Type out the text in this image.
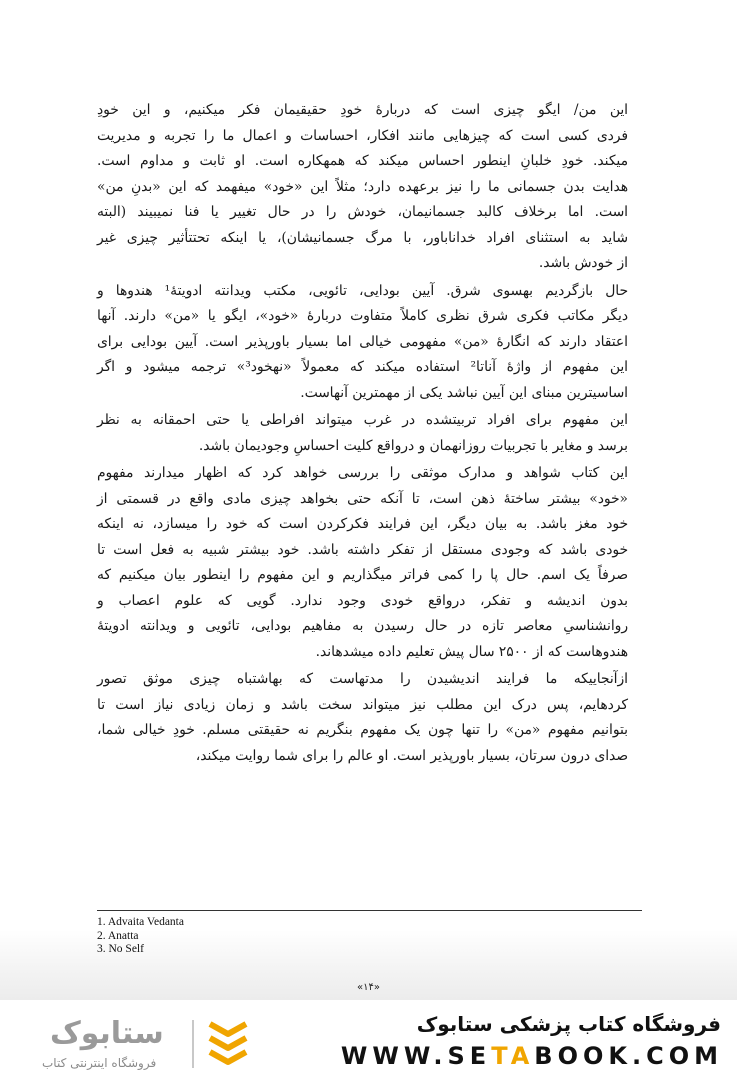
این من/ ایگو چیزی است که دربارۀ خودِ حقیقیمان فکر میکنیم، و این خودِ
فردی کسی است که چیزهایی مانند افکار، احساسات و اعمال ما را تجربه و مدیریت
میکند. خودِ خلبانِ اینطور احساس میکند که همهکاره است. او ثابت و مداوم است.
هدایت بدن جسمانی ما را نیز برعهده دارد؛ مثلاً این «خود» میفهمد که این «بدنِ من»
است. اما برخلاف کالبد جسمانیمان، خودش را در حال تغییر یا فنا نمیبیند (البته
شاید به استثنای افراد خداناباور، با مرگ جسمانیشان)، یا اینکه تحتتأثیر چیزی غیر
از خودش باشد.
حال بازگردیم بهسوی شرق. آیین بودایی، تائویی، مکتب ویدانته ادویتۀ¹ هندوها و
دیگر مکاتب فکری شرق نظری کاملاً متفاوت دربارۀ «خود»، ایگو یا «من» دارند. آنها
اعتقاد دارند که انگارۀ «من» مفهومی خیالی اما بسیار باورپذیر است. آیین بودایی برای
این مفهوم از واژۀ آناتا² استفاده میکند که معمولاً «نهخود³» ترجمه میشود و اگر
اساسیترین مبنای این آیین نباشد یکی از مهمترین آنهاست.
این مفهوم برای افراد تربیتشده در غرب میتواند افراطی یا حتی احمقانه به نظر
برسد و مغایر با تجربیات روزانهمان و درواقع کلیت احساسِ وجودیمان باشد.
این کتاب شواهد و مدارک موثقی را بررسی خواهد کرد که اظهار میدارند مفهوم
«خود» بیشتر ساختۀ ذهن است، تا آنکه حتی بخواهد چیزی مادی واقع در قسمتی از
خود مغز باشد. به بیان دیگر، این فرایند فکرکردن است که خود را میسازد، نه اینکه
خودی باشد که وجودی مستقل از تفکر داشته باشد. خود بیشتر شبیه به فعل است تا
صرفاً یک اسم. حال پا را کمی فراتر میگذاریم و این مفهوم را اینطور بیان میکنیم که
بدون اندیشه و تفکر، درواقع خودی وجود ندارد. گویی که علوم اعصاب و
روانشناسیِ معاصر تازه در حال رسیدن به مفاهیم بودایی، تائویی و ویدانته ادویتۀ
هندوهاست که از ۲۵۰۰ سال پیش تعلیم داده میشدهاند.
ازآنجاییکه ما فرایند اندیشیدن را مدتهاست که بهاشتباه چیزی موثق تصور
کردهایم، پس درک این مطلب نیز میتواند سخت باشد و زمان زیادی نیاز است تا
بتوانیم مفهوم «من» را تنها چون یک مفهوم بنگریم نه حقیقتی مسلم. خودِ خیالی شما،
صدای درون سرتان، بسیار باورپذیر است. او عالم را برای شما روایت میکند،
1. Advaita Vedanta
2. Anatta
3. No Self
«۱۴»
ستابوک
فروشگاه اینترنتی کتاب
فروشگاه کتاب پزشکی ستابوک
WWW.SETABOOK.COM
